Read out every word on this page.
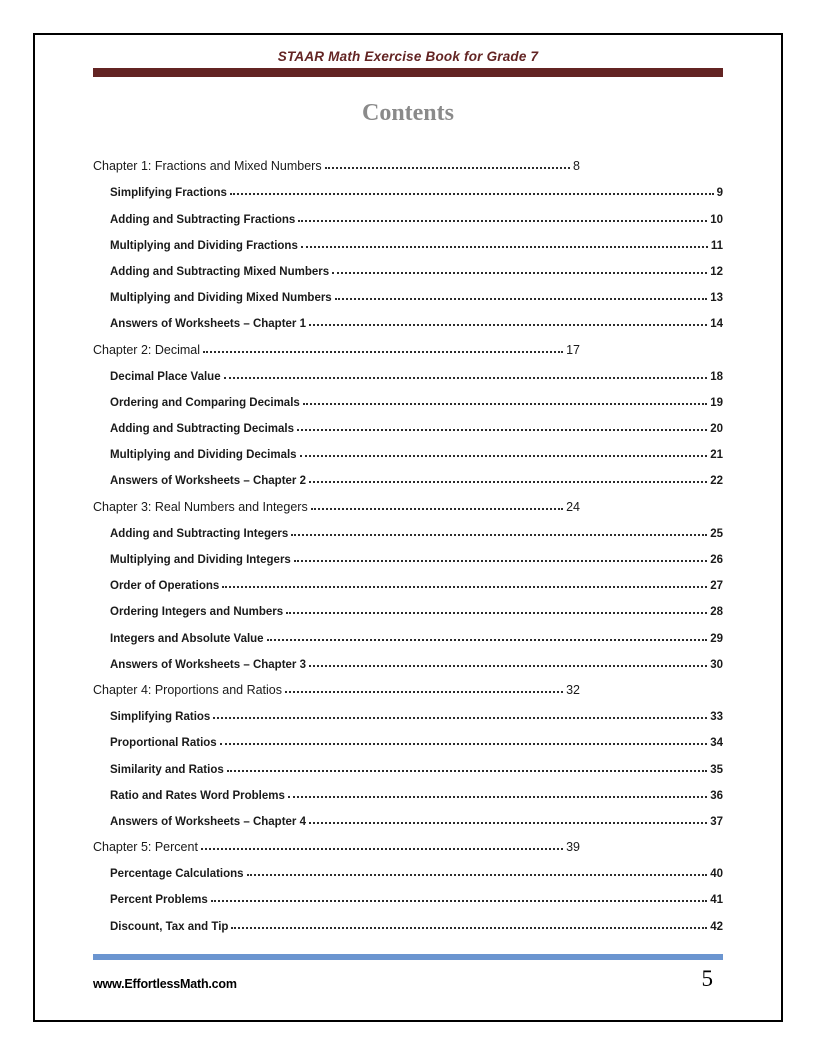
STAAR Math Exercise Book for Grade 7
Contents
Chapter 1: Fractions and Mixed Numbers	8
Simplifying Fractions	9
Adding and Subtracting Fractions	10
Multiplying and Dividing Fractions	11
Adding and Subtracting Mixed Numbers	12
Multiplying and Dividing Mixed Numbers	13
Answers of Worksheets – Chapter 1	14
Chapter 2: Decimal	17
Decimal Place Value	18
Ordering and Comparing Decimals	19
Adding and Subtracting Decimals	20
Multiplying and Dividing Decimals	21
Answers of Worksheets – Chapter 2	22
Chapter 3: Real Numbers and Integers	24
Adding and Subtracting Integers	25
Multiplying and Dividing Integers	26
Order of Operations	27
Ordering Integers and Numbers	28
Integers and Absolute Value	29
Answers of Worksheets – Chapter 3	30
Chapter 4: Proportions and Ratios	32
Simplifying Ratios	33
Proportional Ratios	34
Similarity and Ratios	35
Ratio and Rates Word Problems	36
Answers of Worksheets – Chapter 4	37
Chapter 5: Percent	39
Percentage Calculations	40
Percent Problems	41
Discount, Tax and Tip	42
www.EffortlessMath.com	5
